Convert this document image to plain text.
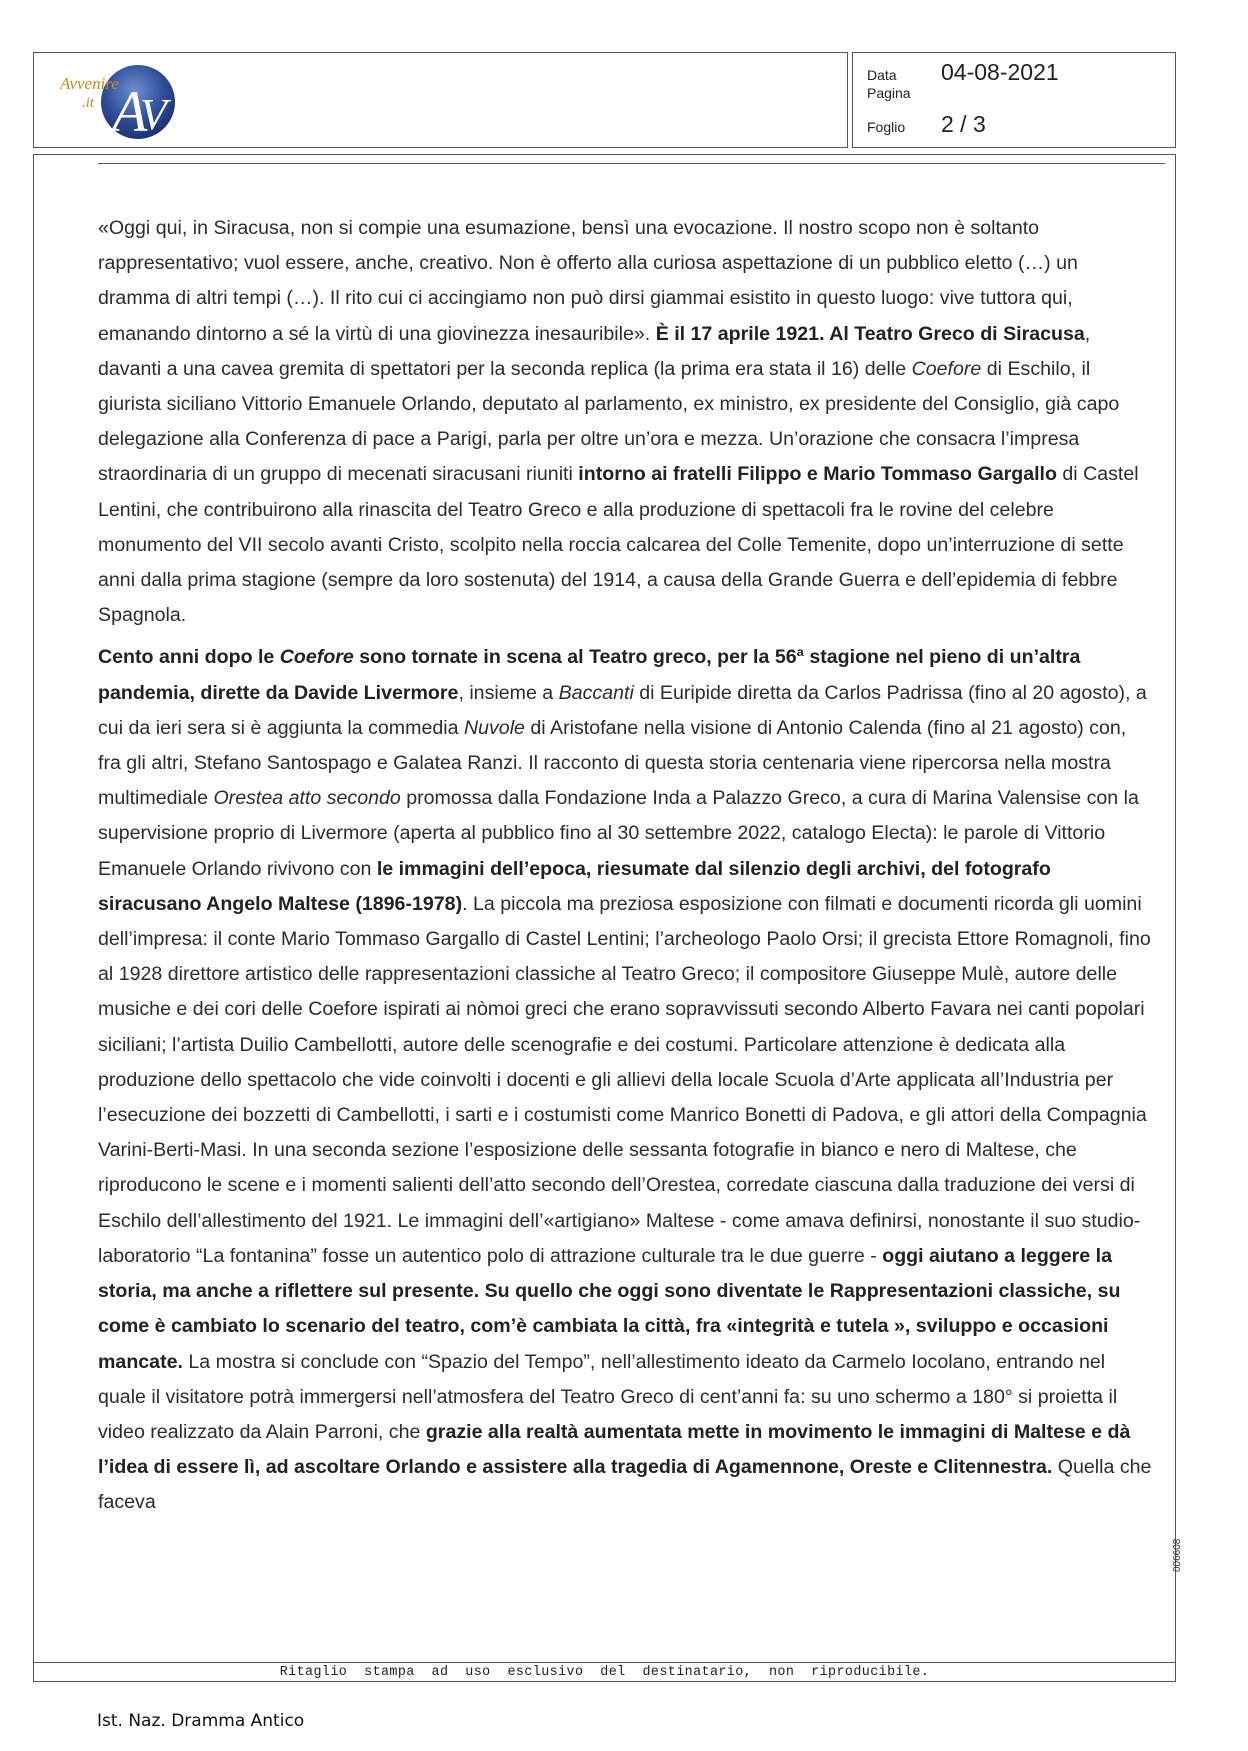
A
V
Avvenire
.it
Data	04-08-2021
Pagina
Foglio	2 / 3

«Oggi qui, in Siracusa, non si compie una esumazione, bensì una evocazione. Il nostro scopo non è soltanto rappresentativo; vuol essere, anche, creativo. Non è offerto alla curiosa aspettazione di un pubblico eletto (…) un dramma di altri tempi (…). Il rito cui ci accingiamo non può dirsi giammai esistito in questo luogo: vive tuttora qui, emanando dintorno a sé la virtù di una giovinezza inesauribile». È il 17 aprile 1921. Al Teatro Greco di Siracusa, davanti a una cavea gremita di spettatori per la seconda replica (la prima era stata il 16) delle Coefore di Eschilo, il giurista siciliano Vittorio Emanuele Orlando, deputato al parlamento, ex ministro, ex presidente del Consiglio, già capo delegazione alla Conferenza di pace a Parigi, parla per oltre un’ora e mezza. Un’orazione che consacra l’impresa straordinaria di un gruppo di mecenati siracusani riuniti intorno ai fratelli Filippo e Mario Tommaso Gargallo di Castel Lentini, che contribuirono alla rinascita del Teatro Greco e alla produzione di spettacoli fra le rovine del celebre monumento del VII secolo avanti Cristo, scolpito nella roccia calcarea del Colle Temenite, dopo un’interruzione di sette anni dalla prima stagione (sempre da loro sostenuta) del 1914, a causa della Grande Guerra e dell’epidemia di febbre Spagnola.

Cento anni dopo le Coefore sono tornate in scena al Teatro greco, per la 56ª stagione nel pieno di un’altra pandemia, dirette da Davide Livermore, insieme a Baccanti di Euripide diretta da Carlos Padrissa (fino al 20 agosto), a cui da ieri sera si è aggiunta la commedia Nuvole di Aristofane nella visione di Antonio Calenda (fino al 21 agosto) con, fra gli altri, Stefano Santospago e Galatea Ranzi. Il racconto di questa storia centenaria viene ripercorsa nella mostra multimediale Orestea atto secondo promossa dalla Fondazione Inda a Palazzo Greco, a cura di Marina Valensise con la supervisione proprio di Livermore (aperta al pubblico fino al 30 settembre 2022, catalogo Electa): le parole di Vittorio Emanuele Orlando rivivono con le immagini dell’epoca, riesumate dal silenzio degli archivi, del fotografo siracusano Angelo Maltese (1896-1978). La piccola ma preziosa esposizione con filmati e documenti ricorda gli uomini dell’impresa: il conte Mario Tommaso Gargallo di Castel Lentini; l’archeologo Paolo Orsi; il grecista Ettore Romagnoli, fino al 1928 direttore artistico delle rappresentazioni classiche al Teatro Greco; il compositore Giuseppe Mulè, autore delle musiche e dei cori delle Coefore ispirati ai nòmoi greci che erano sopravvissuti secondo Alberto Favara nei canti popolari siciliani; l’artista Duilio Cambellotti, autore delle scenografie e dei costumi. Particolare attenzione è dedicata alla produzione dello spettacolo che vide coinvolti i docenti e gli allievi della locale Scuola d’Arte applicata all’Industria per l’esecuzione dei bozzetti di Cambellotti, i sarti e i costumisti come Manrico Bonetti di Padova, e gli attori della Compagnia Varini-Berti-Masi. In una seconda sezione l’esposizione delle sessanta fotografie in bianco e nero di Maltese, che riproducono le scene e i momenti salienti dell’atto secondo dell’Orestea, corredate ciascuna dalla traduzione dei versi di Eschilo dell’allestimento del 1921. Le immagini dell’«artigiano» Maltese - come amava definirsi, nonostante il suo studio-laboratorio “La fontanina” fosse un autentico polo di attrazione culturale tra le due guerre - oggi aiutano a leggere la storia, ma anche a riflettere sul presente. Su quello che oggi sono diventate le Rappresentazioni classiche, su come è cambiato lo scenario del teatro, com’è cambiata la città, fra «integrità e tutela », sviluppo e occasioni mancate. La mostra si conclude con “Spazio del Tempo”, nell’allestimento ideato da Carmelo Iocolano, entrando nel quale il visitatore potrà immergersi nell’atmosfera del Teatro Greco di cent’anni fa: su uno schermo a 180° si proietta il video realizzato da Alain Parroni, che grazie alla realtà aumentata mette in movimento le immagini di Maltese e dà l’idea di essere lì, ad ascoltare Orlando e assistere alla tragedia di Agamennone, Oreste e Clitennestra. Quella che faceva

Ritaglio  stampa  ad  uso  esclusivo  del  destinatario,  non  riproducibile.
006608
Ist. Naz. Dramma Antico
